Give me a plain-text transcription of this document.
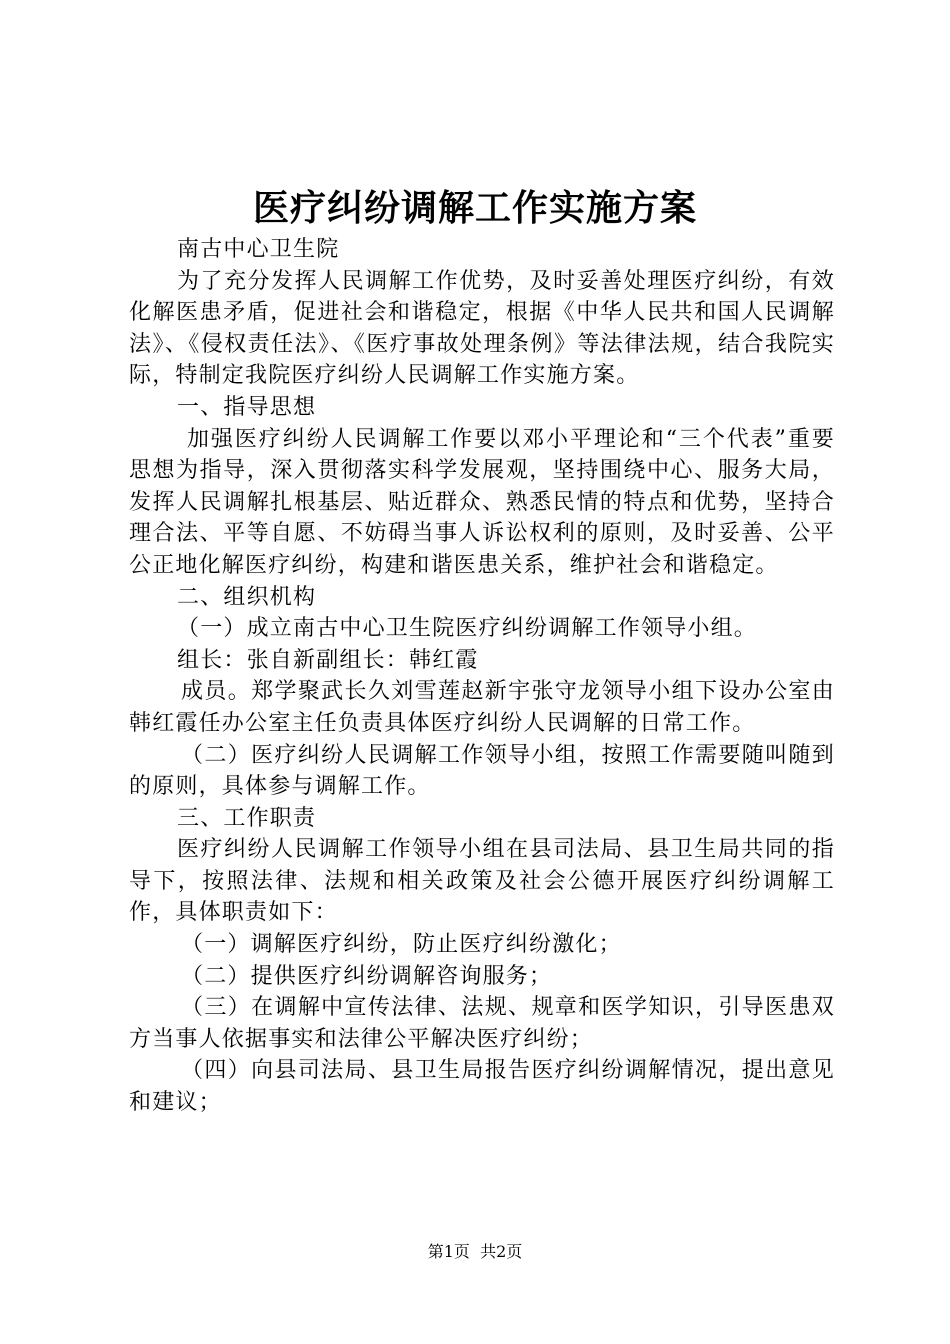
医疗纠纷调解工作实施方案

南古中心卫生院

为了充分发挥人民调解工作优势，及时妥善处理医疗纠纷，有效化解医患矛盾，促进社会和谐稳定，根据《中华人民共和国人民调解法》、《侵权责任法》、《医疗事故处理条例》等法律法规，结合我院实际，特制定我院医疗纠纷人民调解工作实施方案。

一、指导思想

加强医疗纠纷人民调解工作要以邓小平理论和“三个代表”重要思想为指导，深入贯彻落实科学发展观，坚持围绕中心、服务大局，发挥人民调解扎根基层、贴近群众、熟悉民情的特点和优势，坚持合理合法、平等自愿、不妨碍当事人诉讼权利的原则，及时妥善、公平公正地化解医疗纠纷，构建和谐医患关系，维护社会和谐稳定。

二、组织机构

（一）成立南古中心卫生院医疗纠纷调解工作领导小组。

组长：张自新副组长：韩红霞

成员。郑学聚武长久刘雪莲赵新宇张守龙领导小组下设办公室由韩红霞任办公室主任负责具体医疗纠纷人民调解的日常工作。

（二）医疗纠纷人民调解工作领导小组，按照工作需要随叫随到的原则，具体参与调解工作。

三、工作职责

医疗纠纷人民调解工作领导小组在县司法局、县卫生局共同的指导下，按照法律、法规和相关政策及社会公德开展医疗纠纷调解工作，具体职责如下：

（一）调解医疗纠纷，防止医疗纠纷激化；

（二）提供医疗纠纷调解咨询服务；

（三）在调解中宣传法律、法规、规章和医学知识，引导医患双方当事人依据事实和法律公平解决医疗纠纷；

（四）向县司法局、县卫生局报告医疗纠纷调解情况，提出意见和建议；

第1页  共2页
